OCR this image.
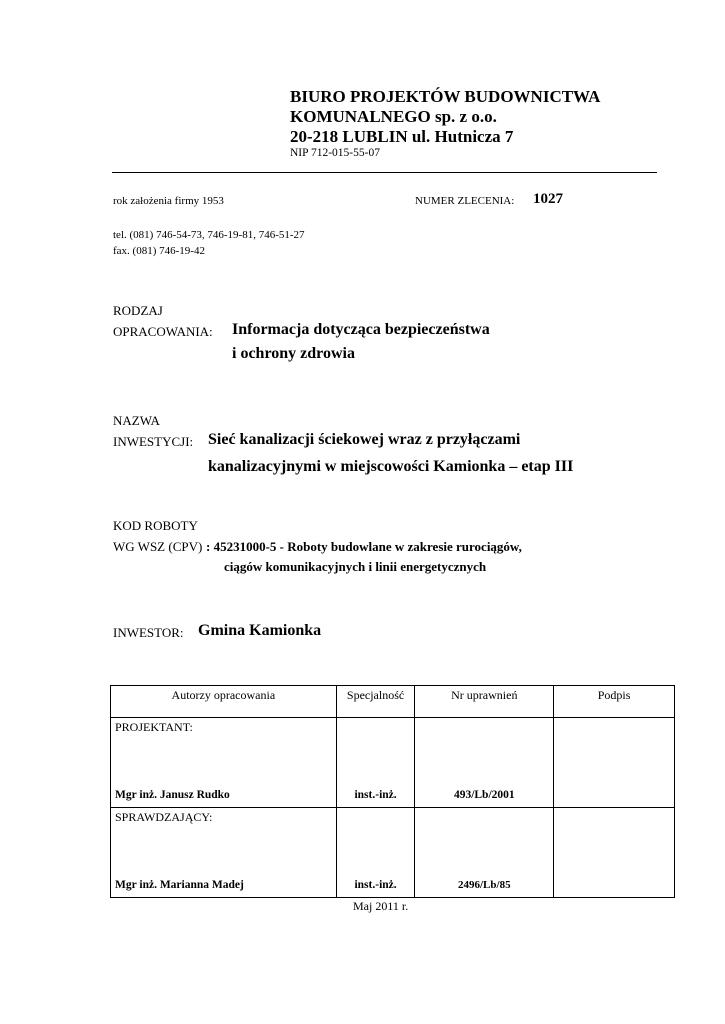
BIURO PROJEKTÓW BUDOWNICTWA
KOMUNALNEGO sp. z o.o.
20-218 LUBLIN ul. Hutnicza 7
NIP 712-015-55-07
rok założenia firmy 1953	NUMER ZLECENIA: 1027
tel. (081) 746-54-73, 746-19-81, 746-51-27
fax. (081) 746-19-42
RODZAJ
OPRACOWANIA: Informacja dotycząca bezpieczeństwa
i ochrony zdrowia
NAZWA
INWESTYCJI: Sieć kanalizacji ściekowej wraz z przyłączami
kanalizacyjnymi w miejscowości Kamionka – etap III
KOD ROBOTY
WG WSZ (CPV) : 45231000-5 - Roboty budowlane w zakresie rurociągów,
ciągów komunikacyjnych i linii energetycznych
INWESTOR: Gmina Kamionka
Autorzy opracowania	Specjalność	Nr uprawnień	Podpis

PROJEKTANT:
Mgr inż. Janusz Rudko	inst.-inż.	493/Lb/2001	

SPRAWDZAJĄCY:
Mgr inż. Marianna Madej	inst.-inż.	2496/Lb/85	

Maj 2011 r.
